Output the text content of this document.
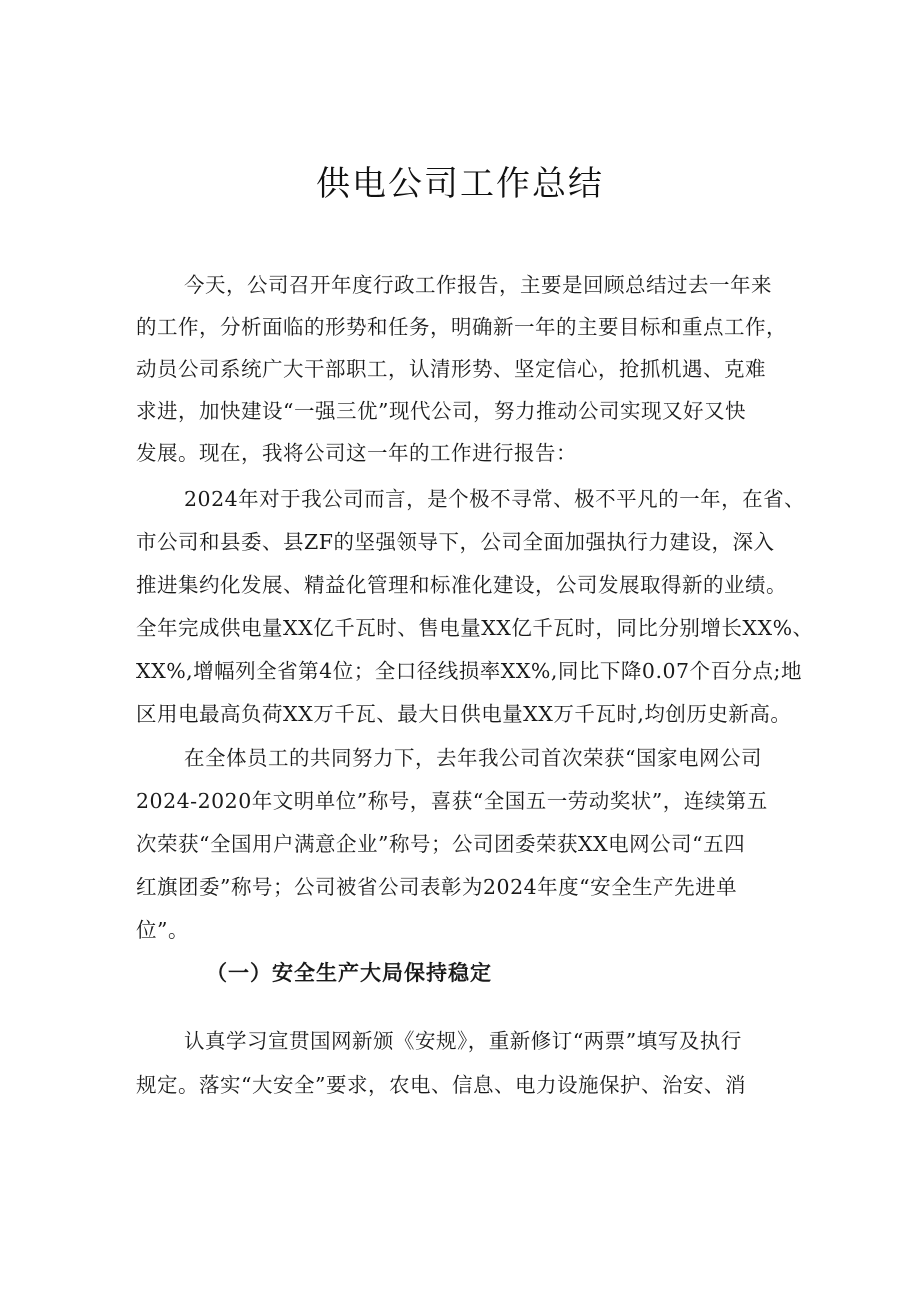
供电公司工作总结

今天，公司召开年度行政工作报告，主要是回顾总结过去一年来

的工作，分析面临的形势和任务，明确新一年的主要目标和重点工作，

动员公司系统广大干部职工，认清形势、坚定信心，抢抓机遇、克难

求进，加快建设“一强三优”现代公司，努力推动公司实现又好又快

发展。现在，我将公司这一年的工作进行报告：

2024年对于我公司而言，是个极不寻常、极不平凡的一年，在省、

市公司和县委、县ZF的坚强领导下，公司全面加强执行力建设，深入

推进集约化发展、精益化管理和标准化建设，公司发展取得新的业绩。

全年完成供电量XX亿千瓦时、售电量XX亿千瓦时，同比分别增长XX%、

XX%,增幅列全省第4位；全口径线损率XX%,同比下降0.07个百分点;地

区用电最高负荷XX万千瓦、最大日供电量XX万千瓦时,均创历史新高。

在全体员工的共同努力下，去年我公司首次荣获“国家电网公司

2024-2020年文明单位”称号，喜获“全国五一劳动奖状”，连续第五

次荣获“全国用户满意企业”称号；公司团委荣获XX电网公司“五四

红旗团委”称号；公司被省公司表彰为2024年度“安全生产先进单

位”。

（一）安全生产大局保持稳定

认真学习宣贯国网新颁《安规》，重新修订“两票”填写及执行

规定。落实“大安全”要求，农电、信息、电力设施保护、治安、消
